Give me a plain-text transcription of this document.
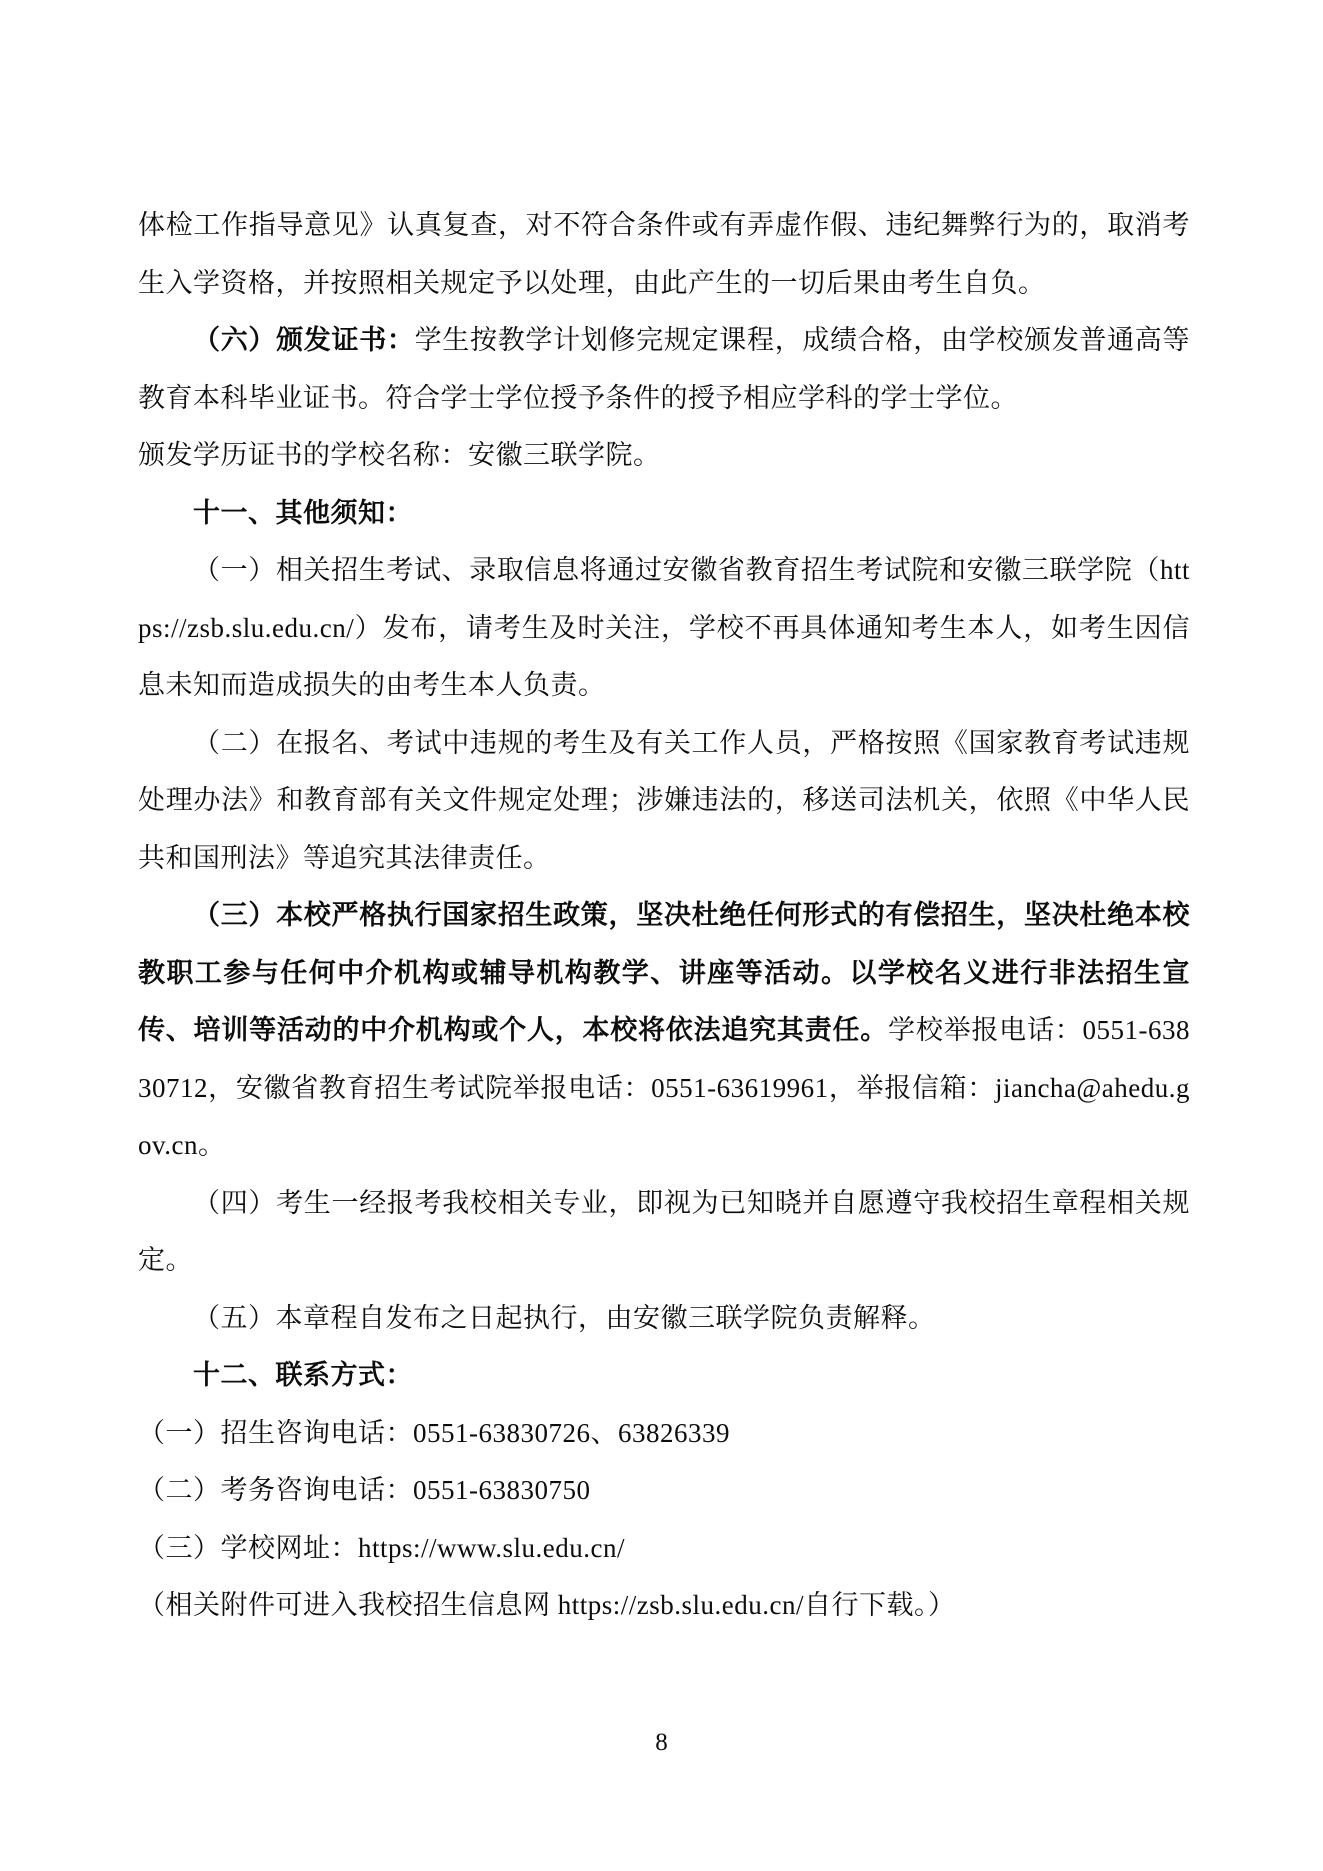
体检工作指导意见》认真复查，对不符合条件或有弄虚作假、违纪舞弊行为的，取消考生入学资格，并按照相关规定予以处理，由此产生的一切后果由考生自负。

（六）颁发证书：学生按教学计划修完规定课程，成绩合格，由学校颁发普通高等教育本科毕业证书。符合学士学位授予条件的授予相应学科的学士学位。

颁发学历证书的学校名称：安徽三联学院。

十一、其他须知：

（一）相关招生考试、录取信息将通过安徽省教育招生考试院和安徽三联学院（https://zsb.slu.edu.cn/）发布，请考生及时关注，学校不再具体通知考生本人，如考生因信息未知而造成损失的由考生本人负责。

（二）在报名、考试中违规的考生及有关工作人员，严格按照《国家教育考试违规处理办法》和教育部有关文件规定处理；涉嫌违法的，移送司法机关，依照《中华人民共和国刑法》等追究其法律责任。

（三）本校严格执行国家招生政策，坚决杜绝任何形式的有偿招生，坚决杜绝本校教职工参与任何中介机构或辅导机构教学、讲座等活动。以学校名义进行非法招生宣传、培训等活动的中介机构或个人，本校将依法追究其责任。学校举报电话：0551-63830712，安徽省教育招生考试院举报电话：0551-63619961，举报信箱：jiancha@ahedu.gov.cn。

（四）考生一经报考我校相关专业，即视为已知晓并自愿遵守我校招生章程相关规定。

（五）本章程自发布之日起执行，由安徽三联学院负责解释。

十二、联系方式：

（一）招生咨询电话：0551-63830726、63826339

（二）考务咨询电话：0551-63830750

（三）学校网址：https://www.slu.edu.cn/

（相关附件可进入我校招生信息网 https://zsb.slu.edu.cn/自行下载。）

8
